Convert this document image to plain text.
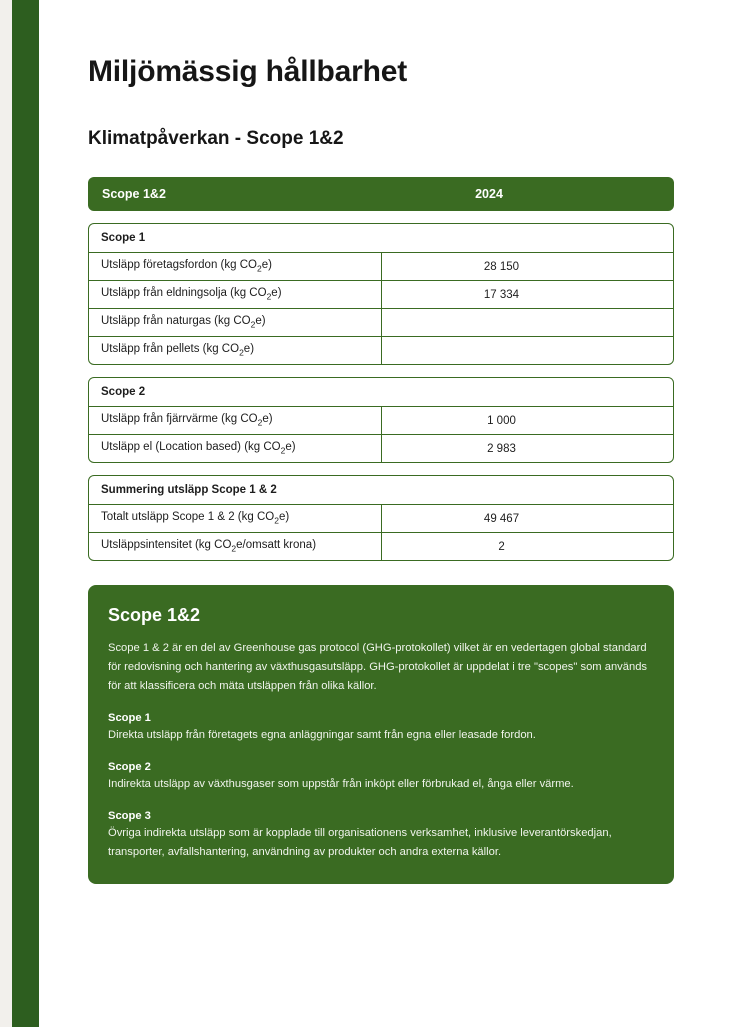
Miljömässig hållbarhet
Klimatpåverkan - Scope 1&2
Scope 1&2	2024
Scope 1	
Utsläpp företagsfordon (kg $CO_2e$)	28 150
Utsläpp från eldningsolja (kg $CO_2e$)	17 334
Utsläpp från naturgas (kg $CO_2e$)	
Utsläpp från pellets (kg $CO_2e$)	
Scope 2	
Utsläpp från fjärrvärme (kg $CO_2e$)	1 000
Utsläpp el (Location based) (kg $CO_2e$)	2 983
Summering utsläpp Scope 1 & 2	
Totalt utsläpp Scope 1 & 2 (kg $CO_2e$)	49 467
Utsläppsintensitet (kg $CO_2e$/omsatt krona)	2
Scope 1&2

Scope 1 & 2 är en del av Greenhouse gas protocol (GHG-protokollet) vilket är en vedertagen global standard för redovisning och hantering av växthusgasutsläpp. GHG-protokollet är uppdelat i tre "scopes" som används för att klassificera och mäta utsläppen från olika källor.

Scope 1

Direkta utsläpp från företagets egna anläggningar samt från egna eller leasade fordon.

Scope 2

Indirekta utsläpp av växthusgaser som uppstår från inköpt eller förbrukad el, ånga eller värme.

Scope 3

Övriga indirekta utsläpp som är kopplade till organisationens verksamhet, inklusive leverantörskedjan, transporter, avfallshantering, användning av produkter och andra externa källor.
